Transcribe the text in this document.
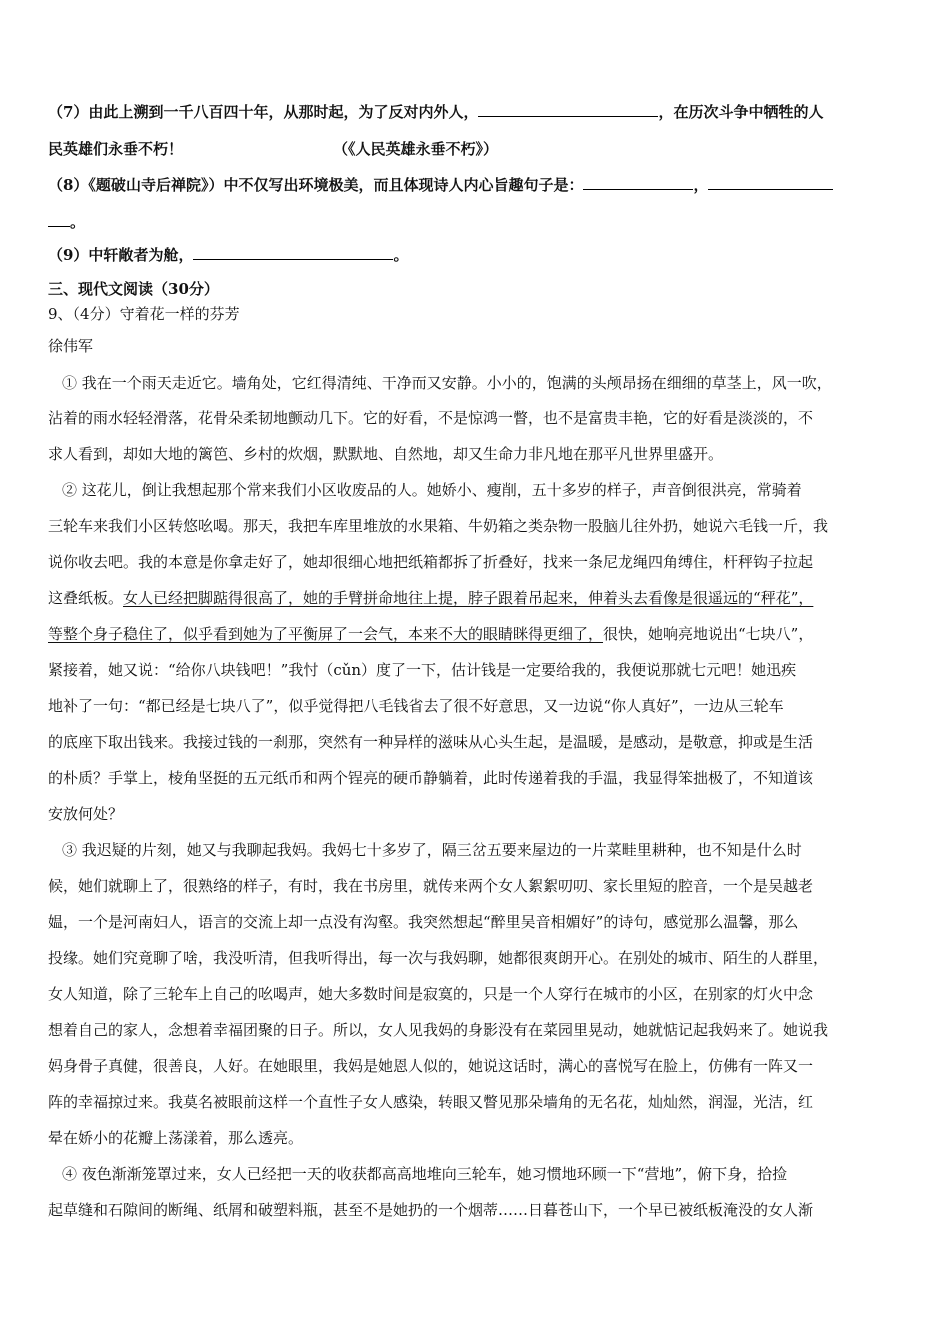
（7）由此上溯到一千八百四十年，从那时起，为了反对内外人，	，在历次斗争中牺牲的人
民英雄们永垂不朽！	（《人民英雄永垂不朽》）
（8）《题破山寺后禅院》）中不仅写出环境极美，而且体现诗人内心旨趣句子是：	，
。
（9）中轩敞者为舱，	。
三、现代文阅读（30分）
9、（4分）守着花一样的芬芳
徐伟军
① 我在一个雨天走近它。墙角处，它红得清纯、干净而又安静。小小的，饱满的头颅昂扬在细细的草茎上，风一吹，
沾着的雨水轻轻滑落，花骨朵柔韧地颤动几下。它的好看，不是惊鸿一瞥，也不是富贵丰艳，它的好看是淡淡的，不
求人看到，却如大地的篱笆、乡村的炊烟，默默地、自然地，却又生命力非凡地在那平凡世界里盛开。
② 这花儿，倒让我想起那个常来我们小区收废品的人。她娇小、瘦削，五十多岁的样子，声音倒很洪亮，常骑着
三轮车来我们小区转悠吆喝。那天，我把车库里堆放的水果箱、牛奶箱之类杂物一股脑儿往外扔，她说六毛钱一斤，我
说你收去吧。我的本意是你拿走好了，她却很细心地把纸箱都拆了折叠好，找来一条尼龙绳四角缚住，杆秤钩子拉起
这叠纸板。女人已经把脚踮得很高了，她的手臂拼命地往上提，脖子跟着吊起来，伸着头去看像是很遥远的“秤花”，
等整个身子稳住了，似乎看到她为了平衡屏了一会气，本来不大的眼睛眯得更细了，很快，她响亮地说出“七块八”，
紧接着，她又说：“给你八块钱吧！”我忖（cǔn）度了一下，估计钱是一定要给我的，我便说那就七元吧！她迅疾
地补了一句：“都已经是七块八了”，似乎觉得把八毛钱省去了很不好意思，又一边说“你人真好”，一边从三轮车
的底座下取出钱来。我接过钱的一刹那，突然有一种异样的滋味从心头生起，是温暖，是感动，是敬意，抑或是生活
的朴质？手掌上，棱角坚挺的五元纸币和两个锃亮的硬币静躺着，此时传递着我的手温，我显得笨拙极了，不知道该
安放何处？
③ 我迟疑的片刻，她又与我聊起我妈。我妈七十多岁了，隔三岔五要来屋边的一片菜畦里耕种，也不知是什么时
候，她们就聊上了，很熟络的样子，有时，我在书房里，就传来两个女人絮絮叨叨、家长里短的腔音，一个是吴越老
媪，一个是河南妇人，语言的交流上却一点没有沟壑。我突然想起“醉里吴音相媚好”的诗句，感觉那么温馨，那么
投缘。她们究竟聊了啥，我没听清，但我听得出，每一次与我妈聊，她都很爽朗开心。在别处的城市、陌生的人群里，
女人知道，除了三轮车上自己的吆喝声，她大多数时间是寂寞的，只是一个人穿行在城市的小区，在别家的灯火中念
想着自己的家人，念想着幸福团聚的日子。所以，女人见我妈的身影没有在菜园里晃动，她就惦记起我妈来了。她说我
妈身骨子真健，很善良，人好。在她眼里，我妈是她恩人似的，她说这话时，满心的喜悦写在脸上，仿佛有一阵又一
阵的幸福掠过来。我莫名被眼前这样一个直性子女人感染，转眼又瞥见那朵墙角的无名花，灿灿然，润湿，光洁，红
晕在娇小的花瓣上荡漾着，那么透亮。
④ 夜色渐渐笼罩过来，女人已经把一天的收获都高高地堆向三轮车，她习惯地环顾一下“营地”，俯下身，拾捡
起草缝和石隙间的断绳、纸屑和破塑料瓶，甚至不是她扔的一个烟蒂……日暮苍山下，一个早已被纸板淹没的女人渐
